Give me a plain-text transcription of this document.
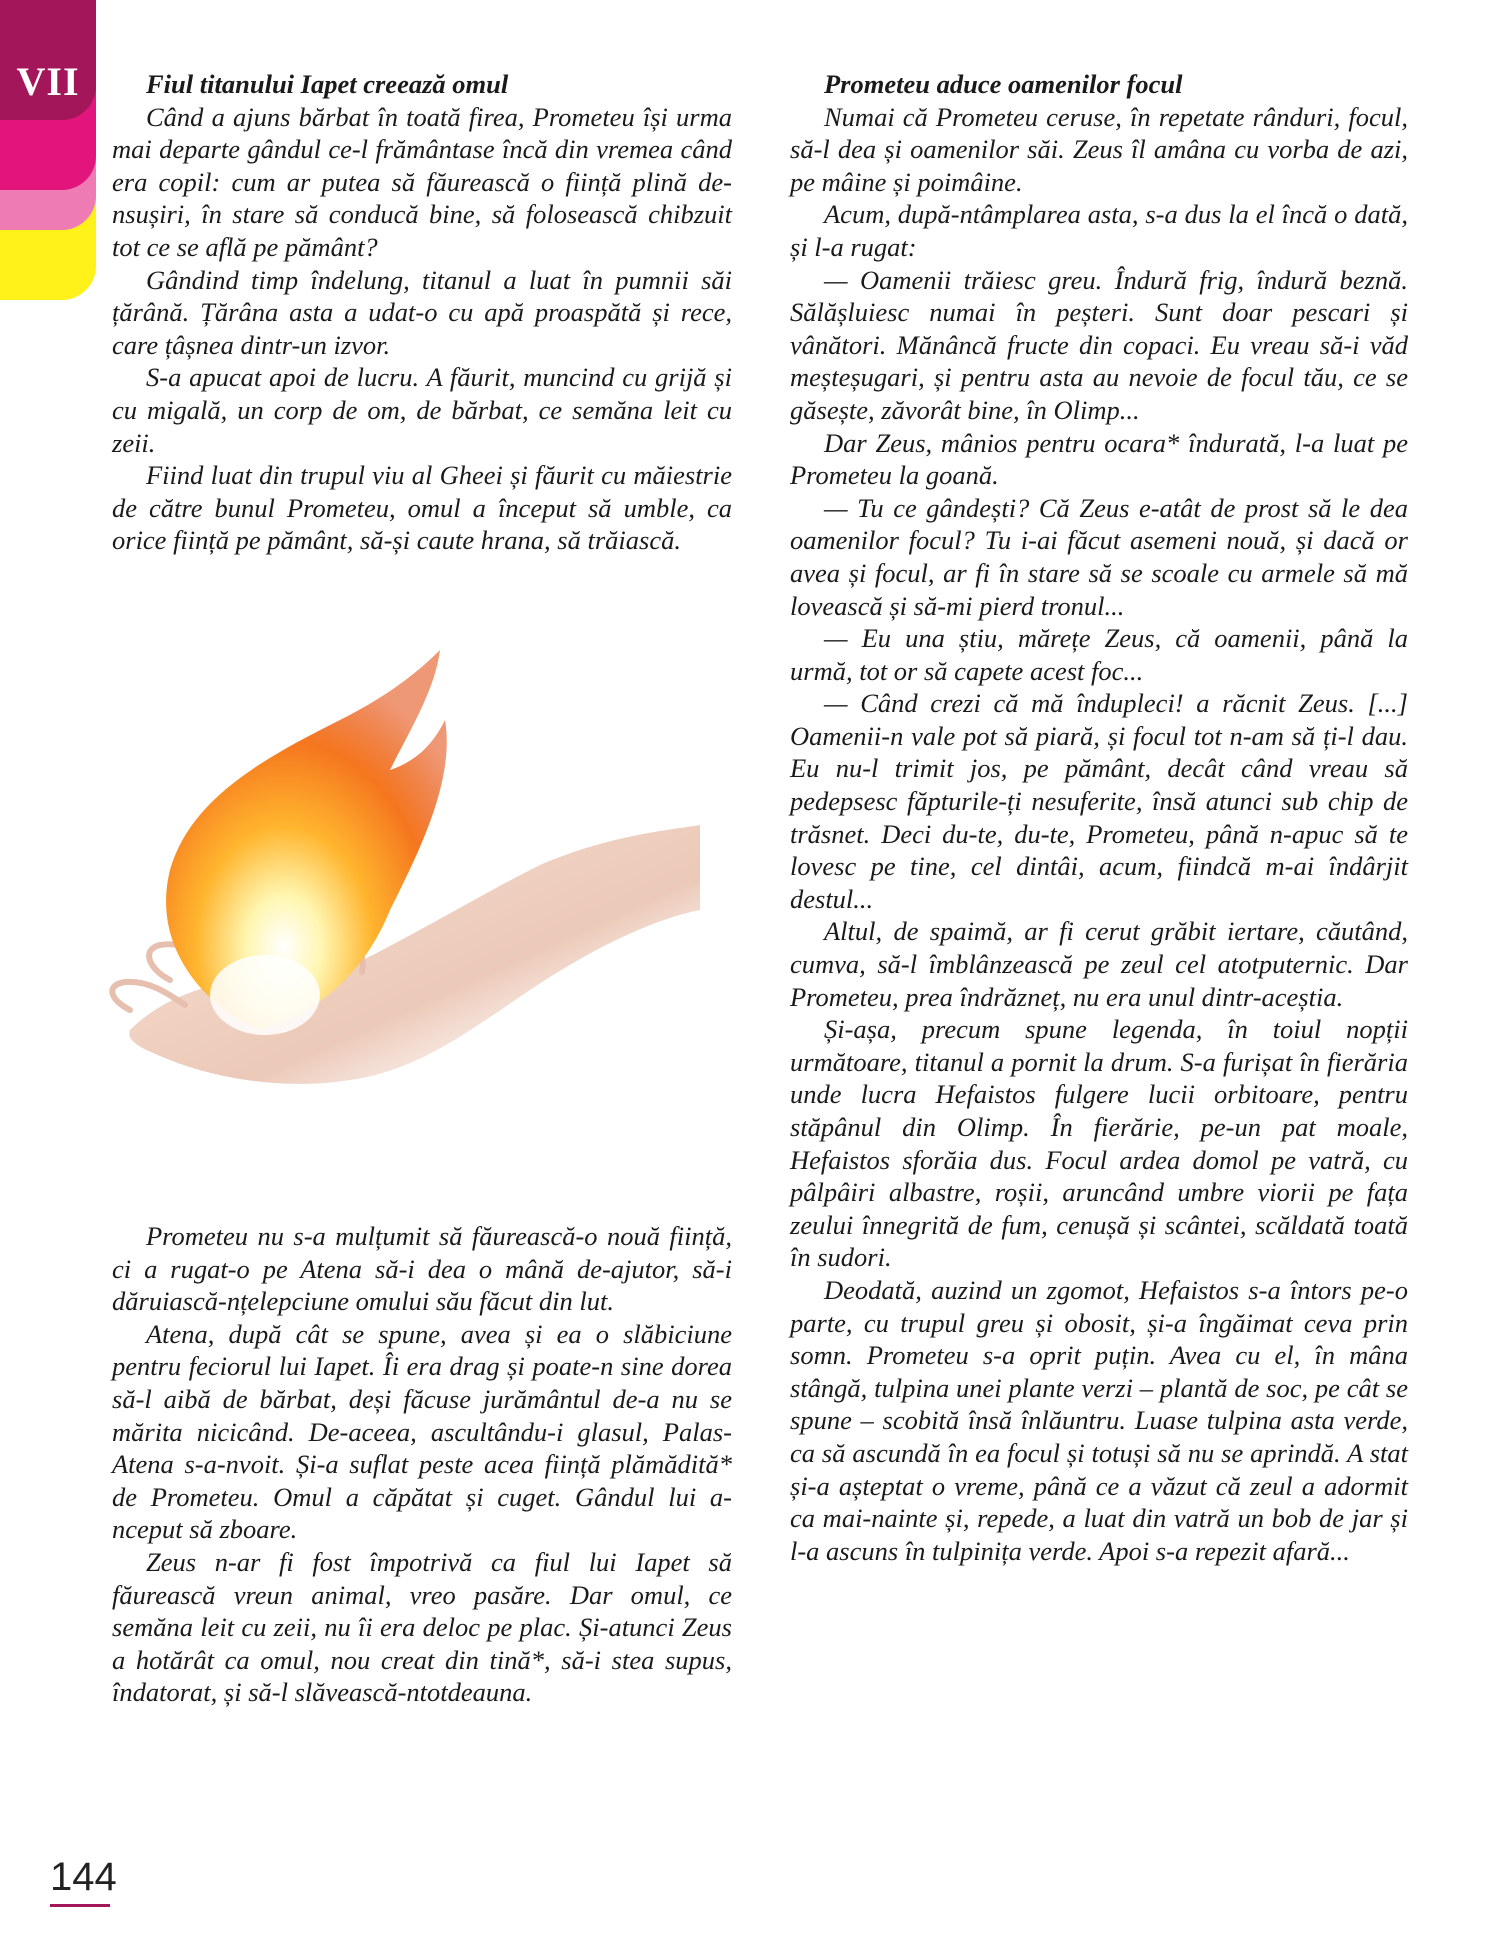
VII	Fiul titanului Iapet creează omul

Când a ajuns bărbat în toată firea, Prometeu își urma mai departe gândul ce-l frământase încă din vremea când era copil: cum ar putea să făurească o ființă plină de-nsușiri, în stare să conducă bine, să folosească chibzuit tot ce se află pe pământ?

Gândind timp îndelung, titanul a luat în pumnii săi țărână. Țărâna asta a udat-o cu apă proaspătă și rece, care țâșnea dintr-un izvor.

S-a apucat apoi de lucru. A făurit, muncind cu grijă și cu migală, un corp de om, de bărbat, ce semăna leit cu zeii.

Fiind luat din trupul viu al Gheei și făurit cu măiestrie de către bunul Prometeu, omul a început să umble, ca orice ființă pe pământ, să-și caute hrana, să trăiască.

Prometeu nu s-a mulțumit să făurească-o nouă ființă, ci a rugat-o pe Atena să-i dea o mână de-ajutor, să-i dăruiască-nțelepciune omului său făcut din lut.

Atena, după cât se spune, avea și ea o slăbiciune pentru feciorul lui Iapet. Îi era drag și poate-n sine dorea să-l aibă de bărbat, deși făcuse jurământul de-a nu se mărita nicicând. De-aceea, ascultându-i glasul, Palas-Atena s-a-nvoit. Și-a suflat peste acea ființă plămădită* de Prometeu. Omul a căpătat și cuget. Gândul lui a-nceput să zboare.

Zeus n-ar fi fost împotrivă ca fiul lui Iapet să făurească vreun animal, vreo pasăre. Dar omul, ce semăna leit cu zeii, nu îi era deloc pe plac. Și-atunci Zeus a hotărât ca omul, nou creat din tină*, să-i stea supus, îndatorat, și să-l slăvească-ntotdeauna.

Prometeu aduce oamenilor focul

Numai că Prometeu ceruse, în repetate rânduri, focul, să-l dea și oamenilor săi. Zeus îl amâna cu vorba de azi, pe mâine și poimâine.

Acum, după-ntâmplarea asta, s-a dus la el încă o dată, și l-a rugat:

— Oamenii trăiesc greu. Îndură frig, îndură beznă. Sălășluiesc numai în peșteri. Sunt doar pescari și vânători. Mănâncă fructe din copaci. Eu vreau să-i văd meșteșugari, și pentru asta au nevoie de focul tău, ce se găsește, zăvorât bine, în Olimp...

Dar Zeus, mânios pentru ocara* îndurată, l-a luat pe Prometeu la goană.

— Tu ce gândești? Că Zeus e-atât de prost să le dea oamenilor focul? Tu i-ai făcut asemeni nouă, și dacă or avea și focul, ar fi în stare să se scoale cu armele să mă lovească și să-mi pierd tronul...

— Eu una știu, mărețe Zeus, că oamenii, până la urmă, tot or să capete acest foc...

— Când crezi că mă înduplеci! a răcnit Zeus. [...] Oamenii-n vale pot să piară, și focul tot n-am să ți-l dau. Eu nu-l trimit jos, pe pământ, decât când vreau să pedepsesc făpturile-ți nesuferite, însă atunci sub chip de trăsnet. Deci du-te, du-te, Prometeu, până n-apuc să te lovesc pe tine, cel dintâi, acum, fiindcă m-ai îndârjit destul...

Altul, de spaimă, ar fi cerut grăbit iertare, căutând, cumva, să-l îmblânzească pe zeul cel atotputernic. Dar Prometeu, prea îndrăzneț, nu era unul dintr-aceștia.

Și-așa, precum spune legenda, în toiul nopții următoare, titanul a pornit la drum. S-a furișat în fierăria unde lucra Hefaistos fulgere lucii orbitoare, pentru stăpânul din Olimp. În fierărie, pe-un pat moale, Hefaistos sforăia dus. Focul ardea domol pe vatră, cu pâlpâiri albastre, roșii, aruncând umbre viorii pe fața zeului înnegrită de fum, cenușă și scântei, scăldată toată în sudori.

Deodată, auzind un zgomot, Hefaistos s-a întors pe-o parte, cu trupul greu și obosit, și-a îngăimat ceva prin somn. Prometeu s-a oprit puțin. Avea cu el, în mâna stângă, tulpina unei plante verzi – plantă de soc, pe cât se spune – scobită însă înlăuntru. Luase tulpina asta verde, ca să ascundă în ea focul și totuși să nu se aprindă. A stat și-a așteptat o vreme, până ce a văzut că zeul a adormit ca mai-nainte și, repede, a luat din vatră un bob de jar și l-a ascuns în tulpinița verde. Apoi s-a repezit afară...

144
